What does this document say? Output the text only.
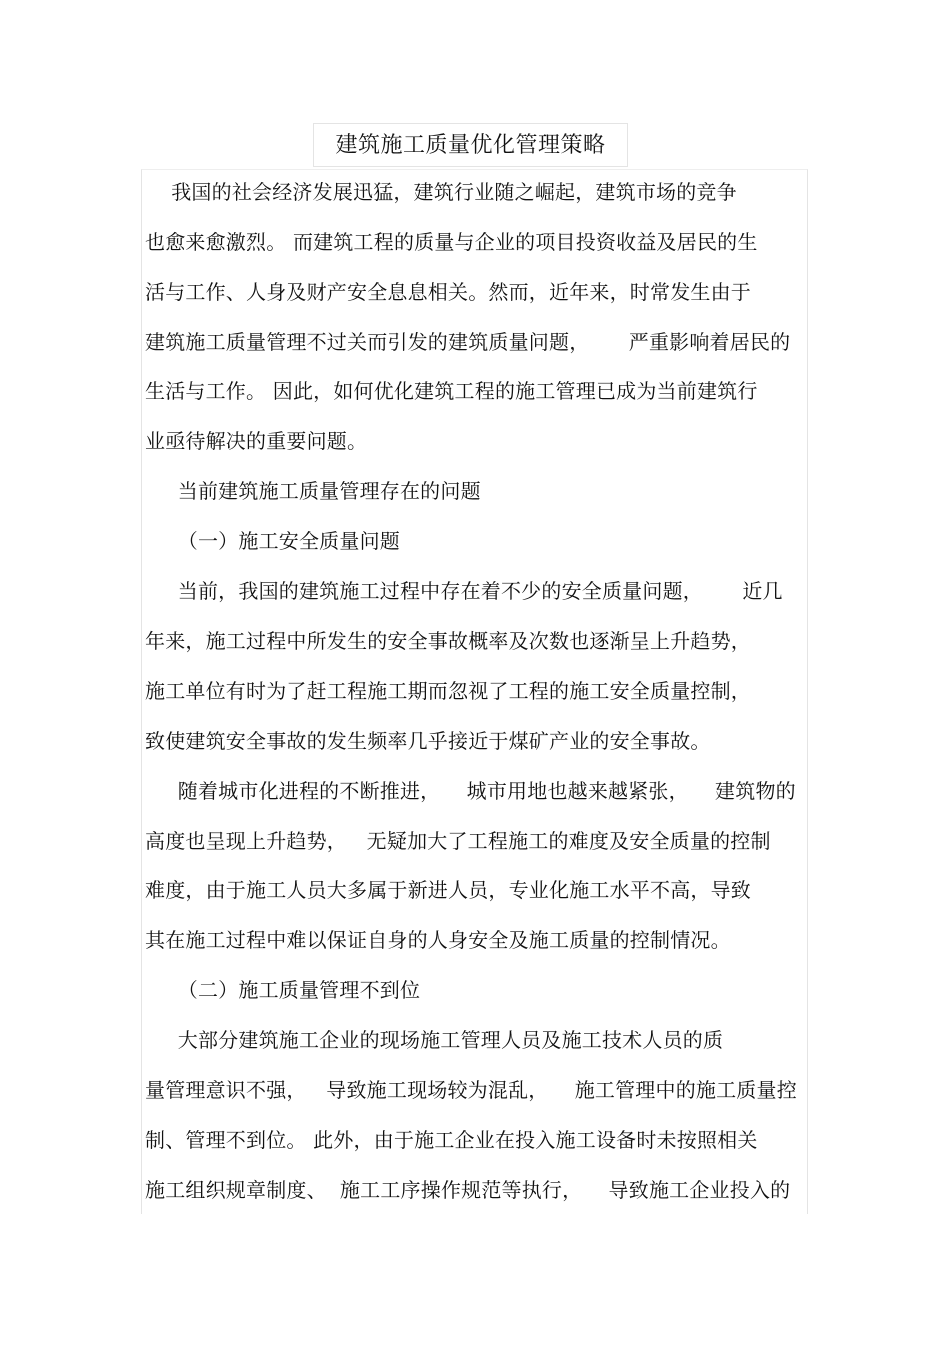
建筑施工质量优化管理策略
我国的社会经济发展迅猛，建筑行业随之崛起，建筑市场的竞争
也愈来愈激烈。 而建筑工程的质量与企业的项目投资收益及居民的生
活与工作、人身及财产安全息息相关。然而，近年来，时常发生由于
建筑施工质量管理不过关而引发的建筑质量问题，      严重影响着居民的
生活与工作。 因此，如何优化建筑工程的施工管理已成为当前建筑行
业亟待解决的重要问题。
当前建筑施工质量管理存在的问题
（一）施工安全质量问题
当前，我国的建筑施工过程中存在着不少的安全质量问题，      近几
年来，施工过程中所发生的安全事故概率及次数也逐渐呈上升趋势，
施工单位有时为了赶工程施工期而忽视了工程的施工安全质量控制，
致使建筑安全事故的发生频率几乎接近于煤矿产业的安全事故。
随着城市化进程的不断推进，    城市用地也越来越紧张，    建筑物的
高度也呈现上升趋势，   无疑加大了工程施工的难度及安全质量的控制
难度，由于施工人员大多属于新进人员，专业化施工水平不高，导致
其在施工过程中难以保证自身的人身安全及施工质量的控制情况。
（二）施工质量管理不到位
大部分建筑施工企业的现场施工管理人员及施工技术人员的质
量管理意识不强，   导致施工现场较为混乱，    施工管理中的施工质量控
制、管理不到位。 此外，由于施工企业在投入施工设备时未按照相关
施工组织规章制度、  施工工序操作规范等执行，    导致施工企业投入的
